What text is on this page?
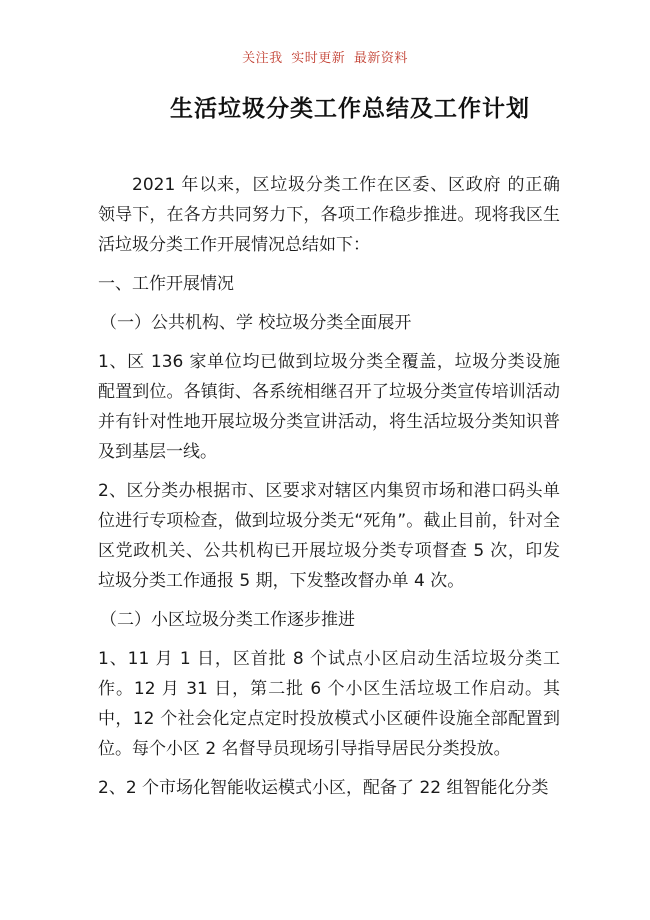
关注我 实时更新 最新资料
生活垃圾分类工作总结及工作计划

2021 年以来，区垃圾分类工作在区委、区政府 的正确领导下，在各方共同努力下，各项工作稳步推进。现将我区生活垃圾分类工作开展情况总结如下：

一、工作开展情况

（一）公共机构、学 校垃圾分类全面展开

1、区 136 家单位均已做到垃圾分类全覆盖，垃圾分类设施配置到位。各镇街、各系统相继召开了垃圾分类宣传培训活动并有针对性地开展垃圾分类宣讲活动，将生活垃圾分类知识普及到基层一线。

2、区分类办根据市、区要求对辖区内集贸市场和港口码头单位进行专项检查，做到垃圾分类无“死角”。截止目前，针对全区党政机关、公共机构已开展垃圾分类专项督查 5 次，印发垃圾分类工作通报 5 期，下发整改督办单 4 次。

（二）小区垃圾分类工作逐步推进

1、11 月 1 日，区首批 8 个试点小区启动生活垃圾分类工作。12 月 31 日，第二批 6 个小区生活垃圾工作启动。其中，12 个社会化定点定时投放模式小区硬件设施全部配置到位。每个小区 2 名督导员现场引导指导居民分类投放。

2、2 个市场化智能收运模式小区，配备了 22 组智能化分类
